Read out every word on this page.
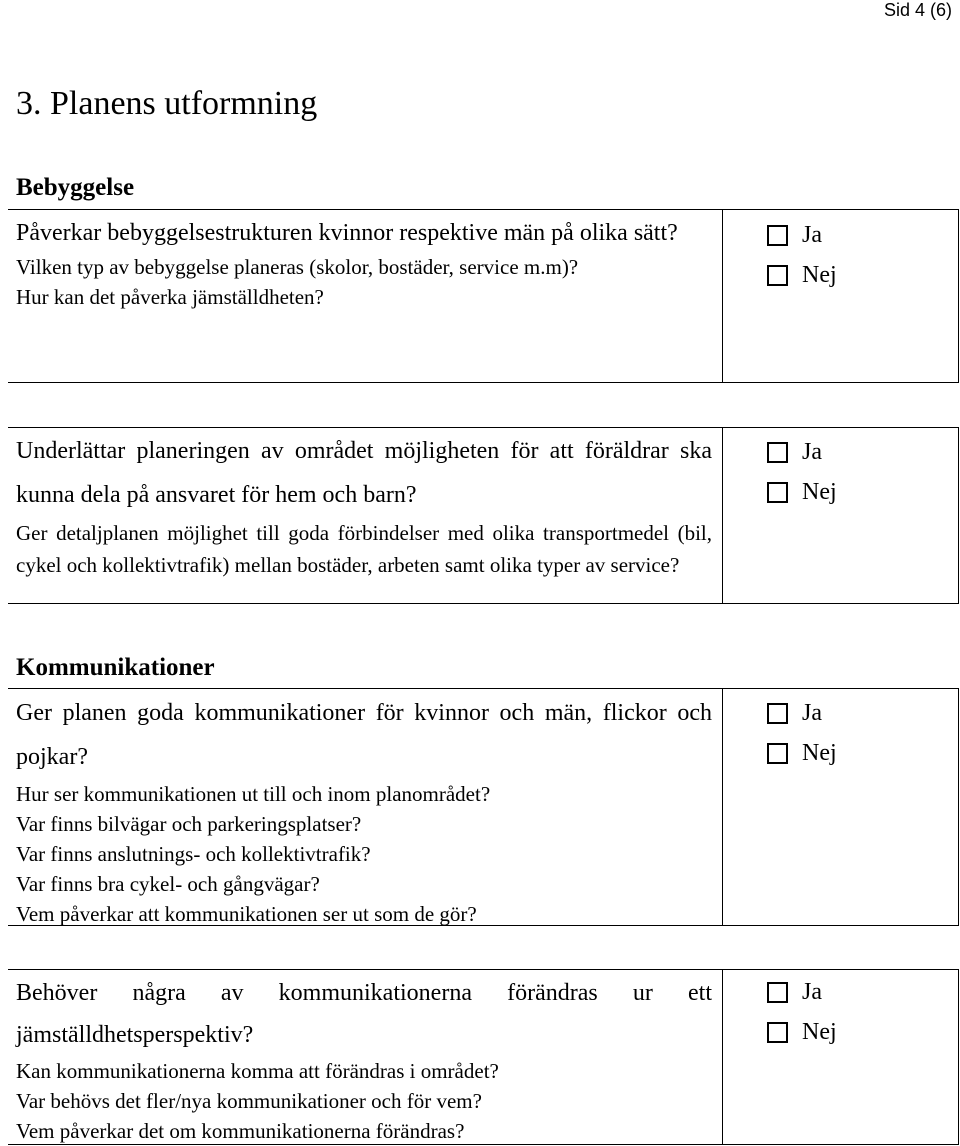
Sid 4 (6)
3. Planens utformning
Bebyggelse

Påverkar bebyggelsestrukturen kvinnor respektive män på olika sätt?

Vilken typ av bebyggelse planeras (skolor, bostäder, service m.m)?

Hur kan det påverka jämställdheten?

Ja
Nej

Underlättar planeringen av området möjligheten för att föräldrar ska kunna dela på ansvaret för hem och barn?

Ger detaljplanen möjlighet till goda förbindelser med olika transportmedel (bil, cykel och kollektivtrafik) mellan bostäder, arbeten samt olika typer av service?

Ja
Nej
Kommunikationer

Ger planen goda kommunikationer för kvinnor och män, flickor och pojkar?

Hur ser kommunikationen ut till och inom planområdet?

Var finns bilvägar och parkeringsplatser?

Var finns anslutnings- och kollektivtrafik?

Var finns bra cykel- och gångvägar?

Vem påverkar att kommunikationen ser ut som de gör?

Ja
Nej

Behöver några av kommunikationerna förändras ur ett jämställdhetsperspektiv?

Kan kommunikationerna komma att förändras i området?

Var behövs det fler/nya kommunikationer och för vem?

Vem påverkar det om kommunikationerna förändras?

Ja
Nej
